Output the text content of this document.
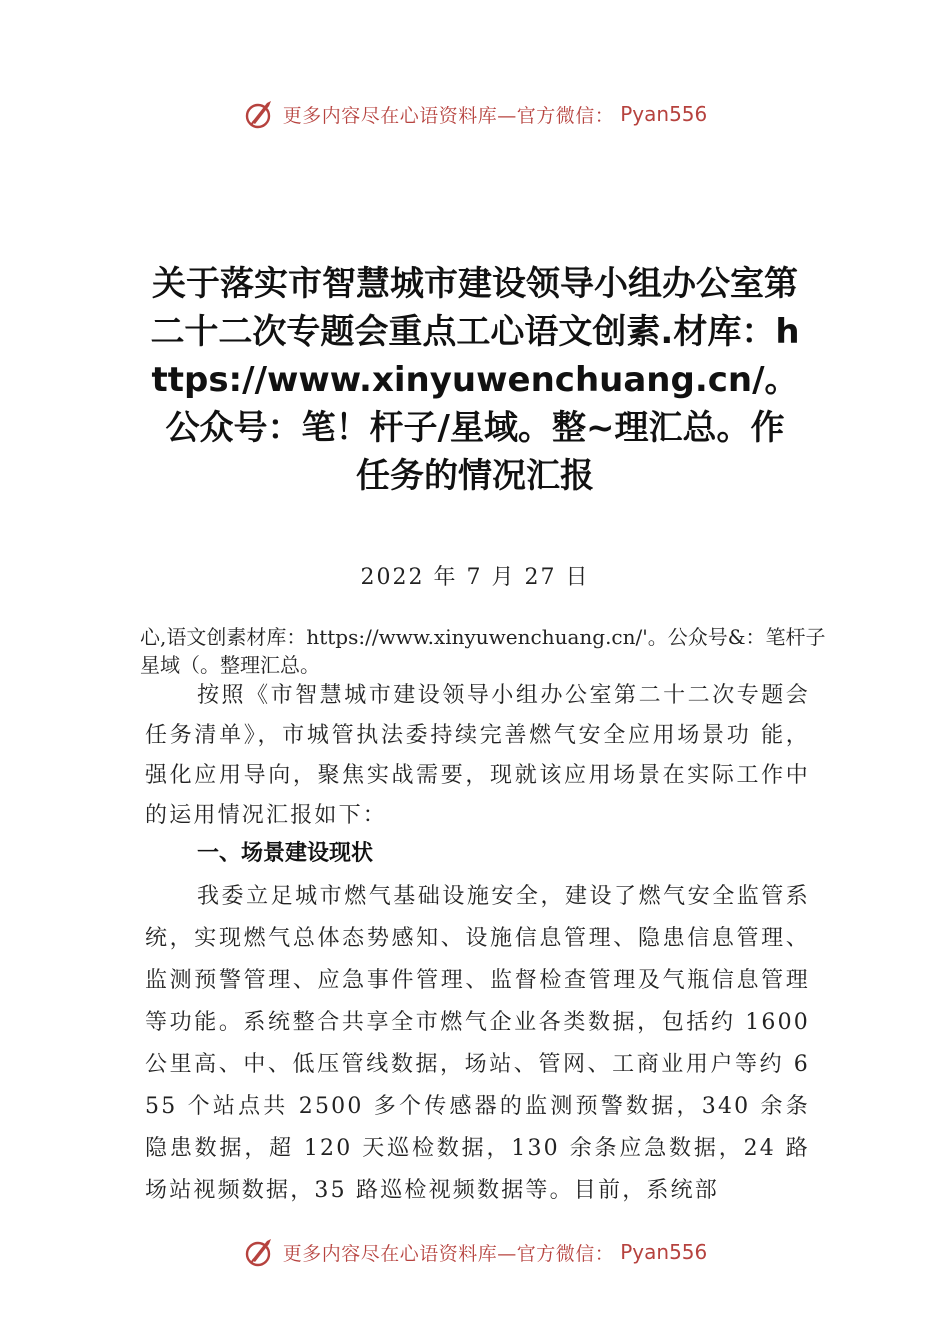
更多内容尽在心语资料库—官方微信： Pyan556
关于落实市智慧城市建设领导小组办公室第二十二次专题会重点工心语文创素.材库：https://www.xinyuwenchuang.cn/。公众号：笔！杆子/星域。整~理汇总。作任务的情况汇报
2022 年 7 月 27 日

心,语文创素材库：https://www.xinyuwenchuang.cn/'。公众号&：笔杆子星域（。整理汇总。

按照《市智慧城市建设领导小组办公室第二十二次专题会任务清单》，市城管执法委持续完善燃气安全应用场景功 能，强化应用导向，聚焦实战需要，现就该应用场景在实际工作中的运用情况汇报如下：

一、场景建设现状

我委立足城市燃气基础设施安全，建设了燃气安全监管系统，实现燃气总体态势感知、设施信息管理、隐患信息管理、监测预警管理、应急事件管理、监督检查管理及气瓶信息管理等功能。系统整合共享全市燃气企业各类数据，包括约 1600 公里高、中、低压管线数据，场站、管网、工商业用户等约 655 个站点共 2500 多个传感器的监测预警数据，340 余条隐患数据，超 120 天巡检数据，130 余条应急数据，24 路场站视频数据，35 路巡检视频数据等。目前，系统部

更多内容尽在心语资料库—官方微信： Pyan556
